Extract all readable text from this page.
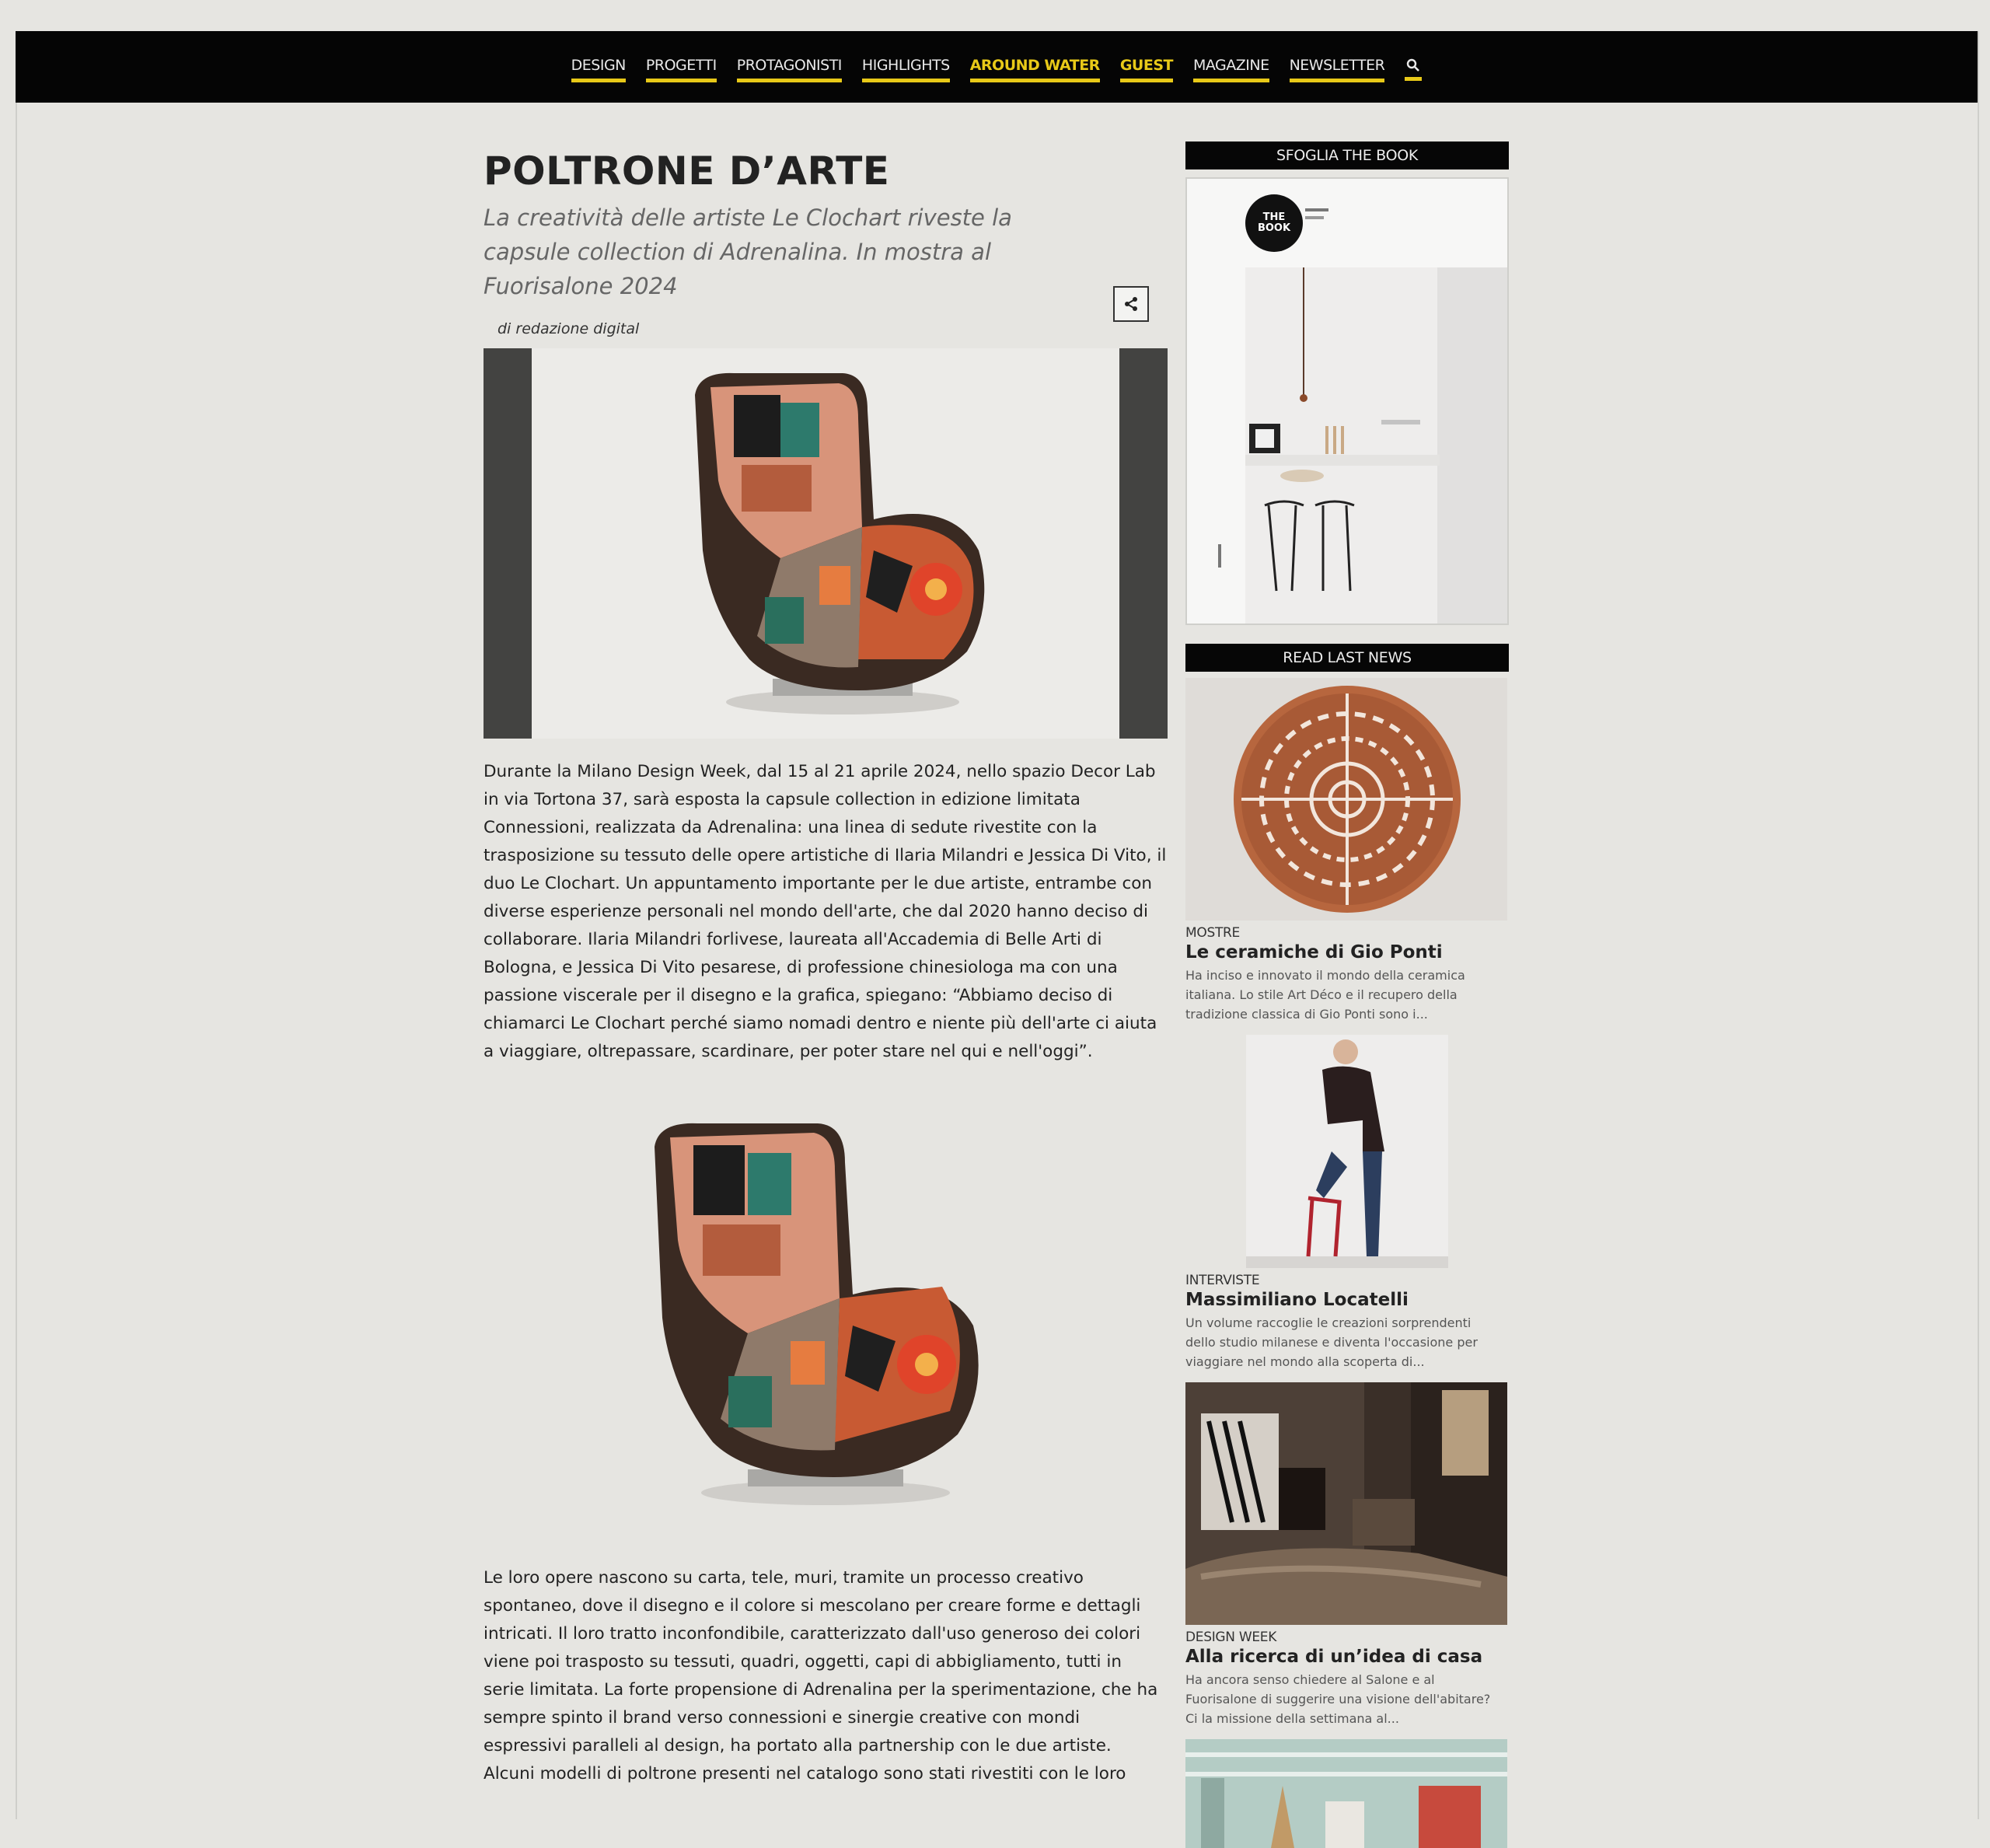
DESIGN PROGETTI PROTAGONISTI HIGHLIGHTS AROUND WATER GUEST MAGAZINE NEWSLETTER
POLTRONE D’ARTE
La creatività delle artiste Le Clochart riveste la capsule collection di Adrenalina. In mostra al Fuorisalone 2024
di redazione digital
Durante la Milano Design Week, dal 15 al 21 aprile 2024, nello spazio Decor Lab in via Tortona 37, sarà esposta la capsule collection in edizione limitata Connessioni, realizzata da Adrenalina: una linea di sedute rivestite con la trasposizione su tessuto delle opere artistiche di Ilaria Milandri e Jessica Di Vito, il duo Le Clochart. Un appuntamento importante per le due artiste, entrambe con diverse esperienze personali nel mondo dell'arte, che dal 2020 hanno deciso di collaborare. Ilaria Milandri forlivese, laureata all'Accademia di Belle Arti di Bologna, e Jessica Di Vito pesarese, di professione chinesiologa ma con una passione viscerale per il disegno e la grafica, spiegano: “Abbiamo deciso di chiamarci Le Clochart perché siamo nomadi dentro e niente più dell'arte ci aiuta a viaggiare, oltrepassare, scardinare, per poter stare nel qui e nell'oggi”.
Le loro opere nascono su carta, tele, muri, tramite un processo creativo spontaneo, dove il disegno e il colore si mescolano per creare forme e dettagli intricati. Il loro tratto inconfondibile, caratterizzato dall'uso generoso dei colori viene poi trasposto su tessuti, quadri, oggetti, capi di abbigliamento, tutti in serie limitata. La forte propensione di Adrenalina per la sperimentazione, che ha sempre spinto il brand verso connessioni e sinergie creative con mondi espressivi paralleli al design, ha portato alla partnership con le due artiste. Alcuni modelli di poltrone presenti nel catalogo sono stati rivestiti con le loro
SFOGLIA THE BOOK
THE BOOK
READ LAST NEWS
MOSTRE
Le ceramiche di Gio Ponti
Ha inciso e innovato il mondo della ceramica italiana. Lo stile Art Déco e il recupero della tradizione classica di Gio Ponti sono i...
INTERVISTE
Massimiliano Locatelli
Un volume raccoglie le creazioni sorprendenti dello studio milanese e diventa l'occasione per viaggiare nel mondo alla scoperta di...
DESIGN WEEK
Alla ricerca di un’idea di casa
Ha ancora senso chiedere al Salone e al Fuorisalone di suggerire una visione dell'abitare? Ci la missione della settimana al...
